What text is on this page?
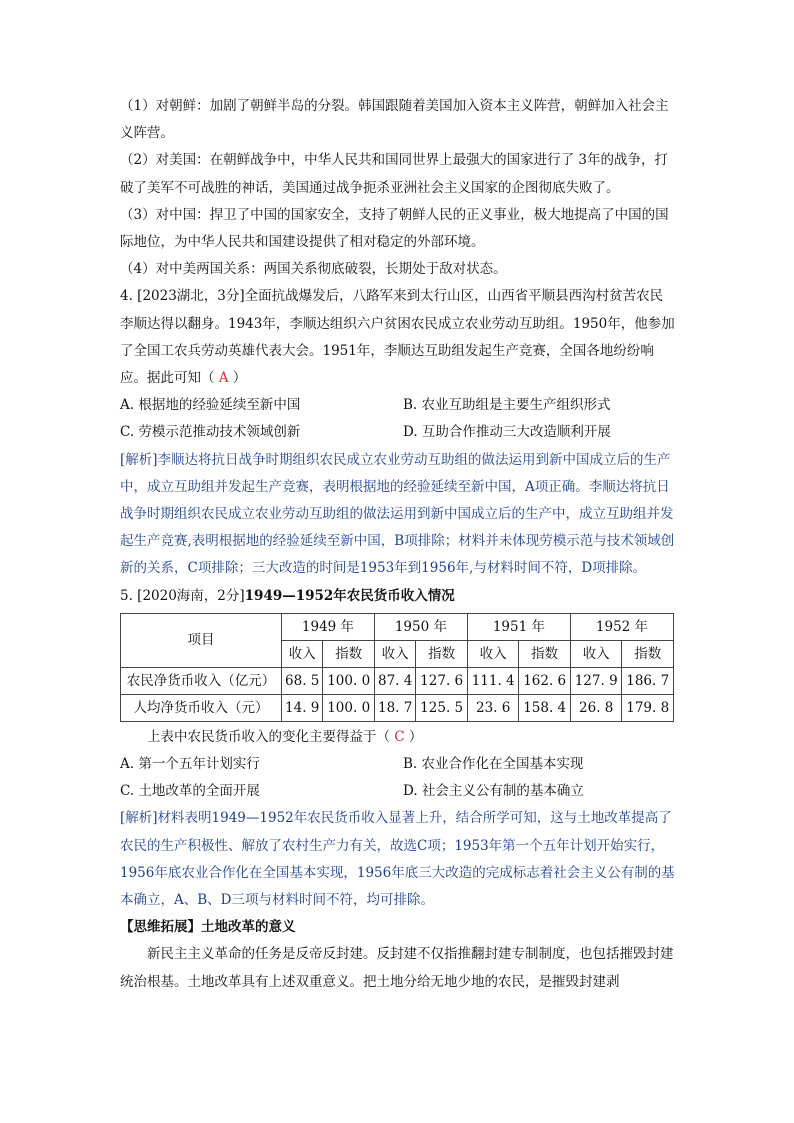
（1）对朝鲜：加剧了朝鲜半岛的分裂。韩国跟随着美国加入资本主义阵营，朝鲜加入社会主义阵营。

（2）对美国：在朝鲜战争中，中华人民共和国同世界上最强大的国家进行了 3年的战争，打破了美军不可战胜的神话，美国通过战争扼杀亚洲社会主义国家的企图彻底失败了。

（3）对中国：捍卫了中国的国家安全，支持了朝鲜人民的正义事业，极大地提高了中国的国际地位，为中华人民共和国建设提供了相对稳定的外部环境。

（4）对中美两国关系：两国关系彻底破裂，长期处于敌对状态。

4. [2023湖北，3分]全面抗战爆发后，八路军来到太行山区，山西省平顺县西沟村贫苦农民李顺达得以翻身。1943年，李顺达组织六户贫困农民成立农业劳动互助组。1950年，他参加了全国工农兵劳动英雄代表大会。1951年，李顺达互助组发起生产竞赛，全国各地纷纷响应。据此可知（ A ）

A. 根据地的经验延续至新中国	B. 农业互助组是主要生产组织形式
C. 劳模示范推动技术领域创新	D. 互助合作推动三大改造顺利开展

[解析]李顺达将抗日战争时期组织农民成立农业劳动互助组的做法运用到新中国成立后的生产中，成立互助组并发起生产竞赛，表明根据地的经验延续至新中国，A项正确。李顺达将抗日战争时期组织农民成立农业劳动互助组的做法运用到新中国成立后的生产中，成立互助组并发起生产竞赛,表明根据地的经验延续至新中国，B项排除；材料并未体现劳模示范与技术领域创新的关系，C项排除；三大改造的时间是1953年到1956年,与材料时间不符，D项排除。

5. [2020海南，2分]1949—1952年农民货币收入情况

项目	1949 年		1950 年		1951 年		1952 年	
	收入	指数	收入	指数	收入	指数	收入	指数
农民净货币收入（亿元）	68. 5	100. 0	87. 4	127. 6	111. 4	162. 6	127. 9	186. 7
人均净货币收入（元）	14. 9	100. 0	18. 7	125. 5	23. 6	158. 4	26. 8	179. 8

上表中农民货币收入的变化主要得益于（ C ）

A. 第一个五年计划实行	B. 农业合作化在全国基本实现
C. 土地改革的全面开展	D. 社会主义公有制的基本确立

[解析]材料表明1949—1952年农民货币收入显著上升，结合所学可知，这与土地改革提高了农民的生产积极性、解放了农村生产力有关，故选C项；1953年第一个五年计划开始实行，1956年底农业合作化在全国基本实现，1956年底三大改造的完成标志着社会主义公有制的基本确立，A、B、D三项与材料时间不符，均可排除。

【思维拓展】土地改革的意义

新民主主义革命的任务是反帝反封建。反封建不仅指推翻封建专制制度，也包括摧毁封建统治根基。土地改革具有上述双重意义。把土地分给无地少地的农民，是摧毁封建剥
